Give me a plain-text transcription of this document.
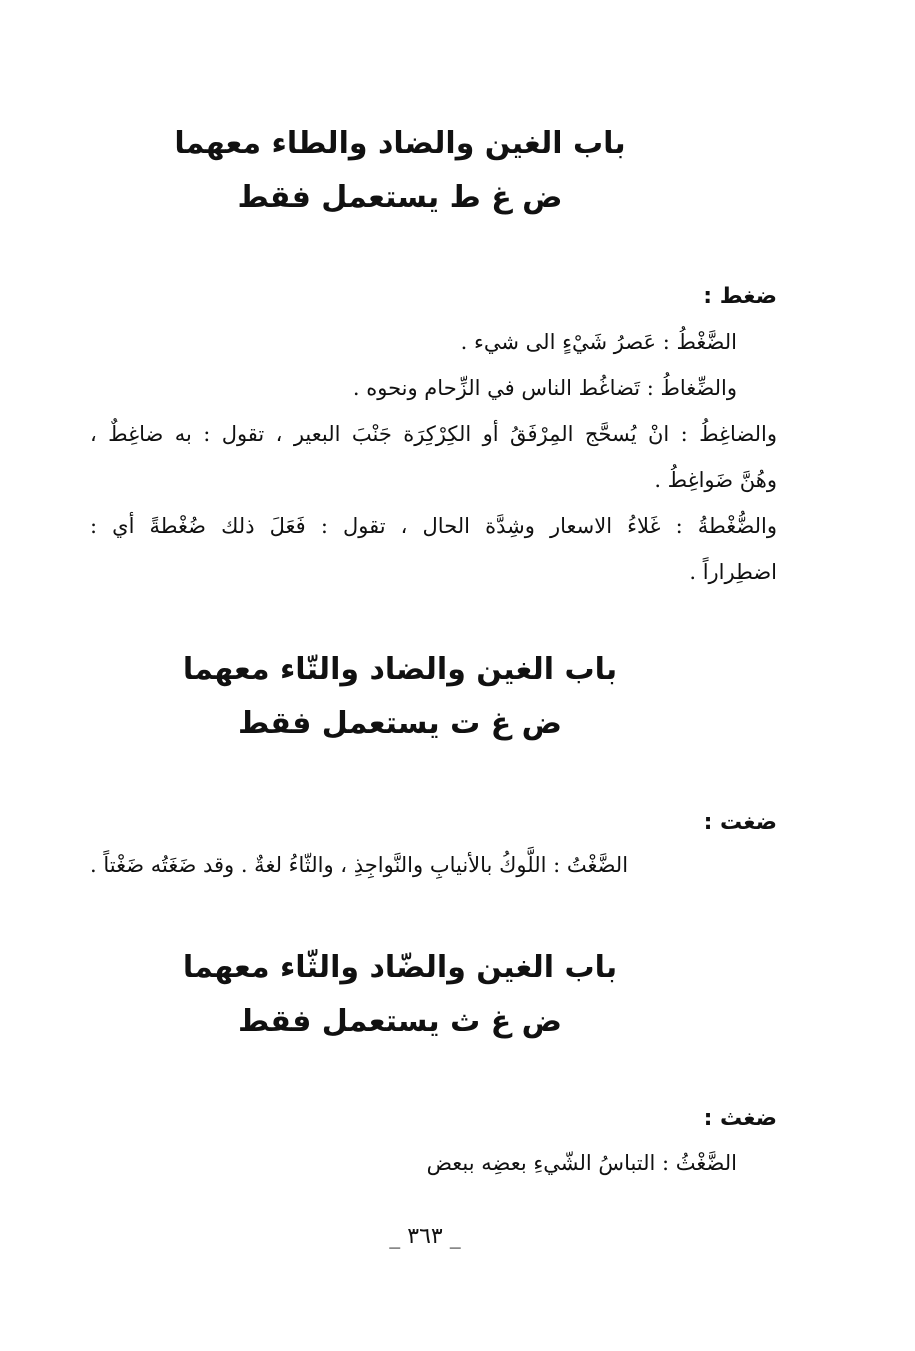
باب الغين والضاد والطاء معهما
ض غ ط يستعمل فقط
ضغط :
الضَّغْطُ : عَصرُ شَيْءٍ الى شيء .
والضِّغاطُ : تَضاغُط الناس في الزِّحام ونحوه .
والضاغِطُ : انْ يُسحَّج المِرْفَقُ أو الكِرْكِرَة جَنْبَ البعير ، تقول : به ضاغِطٌ ،
وهُنَّ ضَواغِطُ .
والضُّغْطةُ : غَلاءُ الاسعار وشِدَّة الحال ، تقول : فَعَلَ ذلك ضُغْطةً أي :
اضطِراراً .
باب الغين والضاد والتّاء معهما
ض غ ت يستعمل فقط
ضغت :
الضَّغْتُ : اللَّوكُ بالأنيابِ والنَّواجِذِ ، والثّاءُ لغةٌ . وقد ضَغَتُه ضَغْتاً .
باب الغين والضّاد والثّاء معهما
ض غ ث يستعمل فقط
ضغث :
الضَّغْثُ : التباسُ الشّيءِ بعضِه ببعض
_ ٣٦٣ _
